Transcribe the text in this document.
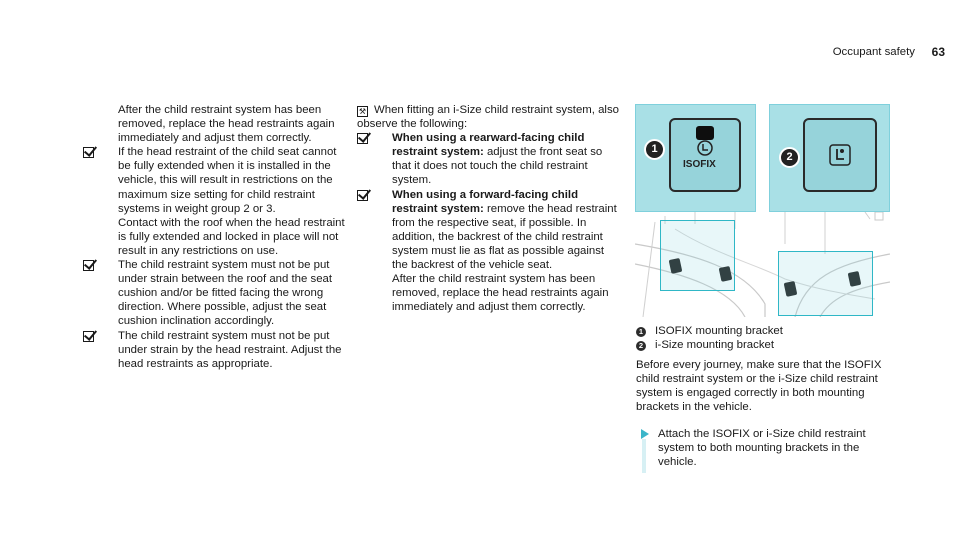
Occupant safety 63
After the child restraint system has been removed, replace the head restraints again immediately and adjust them correctly.
If the head restraint of the child seat cannot be fully extended when it is installed in the vehicle, this will result in restrictions on the maximum size setting for child restraint systems in weight group 2 or 3.
Contact with the roof when the head restraint is fully extended and locked in place will not result in any restrictions on use.
The child restraint system must not be put under strain between the roof and the seat cushion and/or be fitted facing the wrong direction. Where possible, adjust the seat cushion inclination accordingly.
The child restraint system must not be put under strain by the head restraint. Adjust the head restraints as appropriate.
⚒ When fitting an i-Size child restraint system, also observe the following:
When using a rearward-facing child restraint system: adjust the front seat so that it does not touch the child restraint system.
When using a forward-facing child restraint system: remove the head restraint from the respective seat, if possible. In addition, the backrest of the child restraint system must lie as flat as possible against the backrest of the vehicle seat.
After the child restraint system has been removed, replace the head restraints again immediately and adjust them correctly.
ISOFIX
1
2
1 ISOFIX mounting bracket
2 i-Size mounting bracket
Before every journey, make sure that the ISOFIX child restraint system or the i-Size child restraint system is engaged correctly in both mounting brackets in the vehicle.
Attach the ISOFIX or i-Size child restraint system to both mounting brackets in the vehicle.
